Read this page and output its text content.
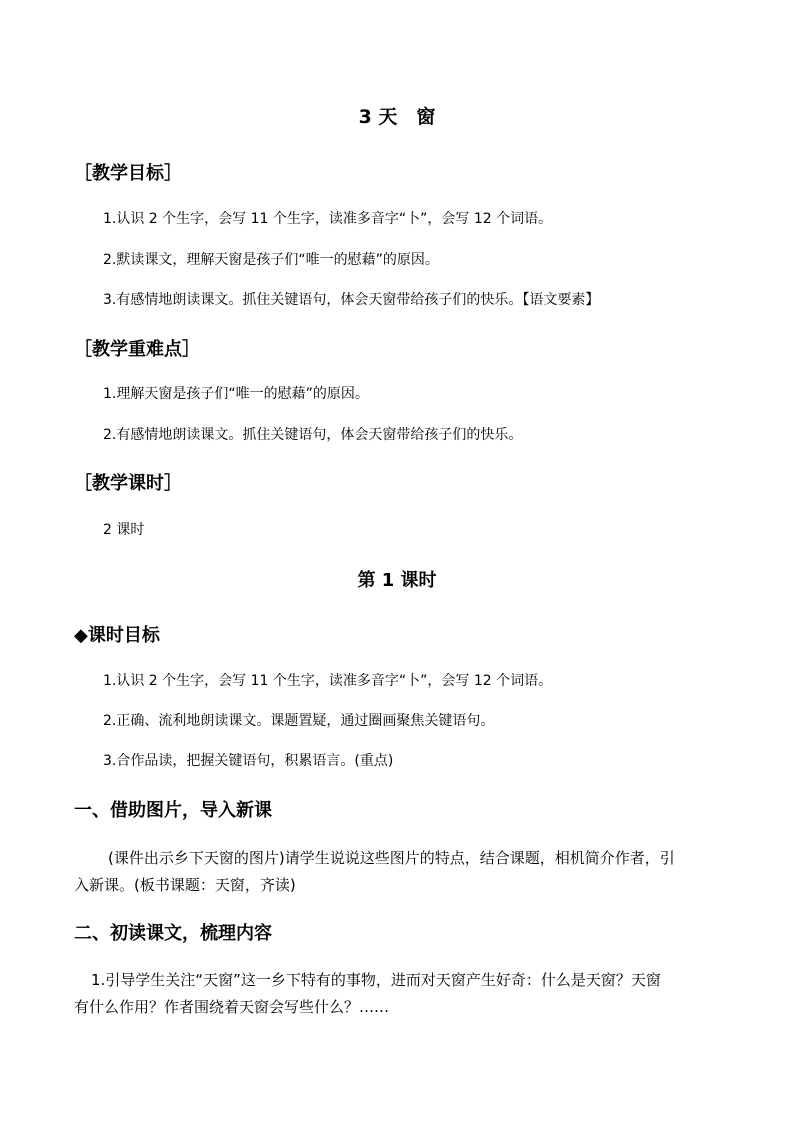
3 天　窗
［教学目标］

1.认识 2 个生字，会写 11 个生字，读准多音字“卜”，会写 12 个词语。

2.默读课文，理解天窗是孩子们“唯一的慰藉”的原因。

3.有感情地朗读课文。抓住关键语句，体会天窗带给孩子们的快乐。【语文要素】

［教学重难点］

1.理解天窗是孩子们“唯一的慰藉”的原因。

2.有感情地朗读课文。抓住关键语句，体会天窗带给孩子们的快乐。

［教学课时］

2 课时

第 1 课时
◆课时目标

1.认识 2 个生字，会写 11 个生字，读准多音字“卜”，会写 12 个词语。

2.正确、流利地朗读课文。课题置疑，通过圈画聚焦关键语句。

3.合作品读，把握关键语句，积累语言。(重点)

一、借助图片，导入新课

(课件出示乡下天窗的图片)请学生说说这些图片的特点，结合课题，相机简介作者，引

入新课。(板书课题：天窗，齐读)

二、初读课文，梳理内容

1.引导学生关注“天窗”这一乡下特有的事物，进而对天窗产生好奇：什么是天窗？天窗

有什么作用？作者围绕着天窗会写些什么？……
